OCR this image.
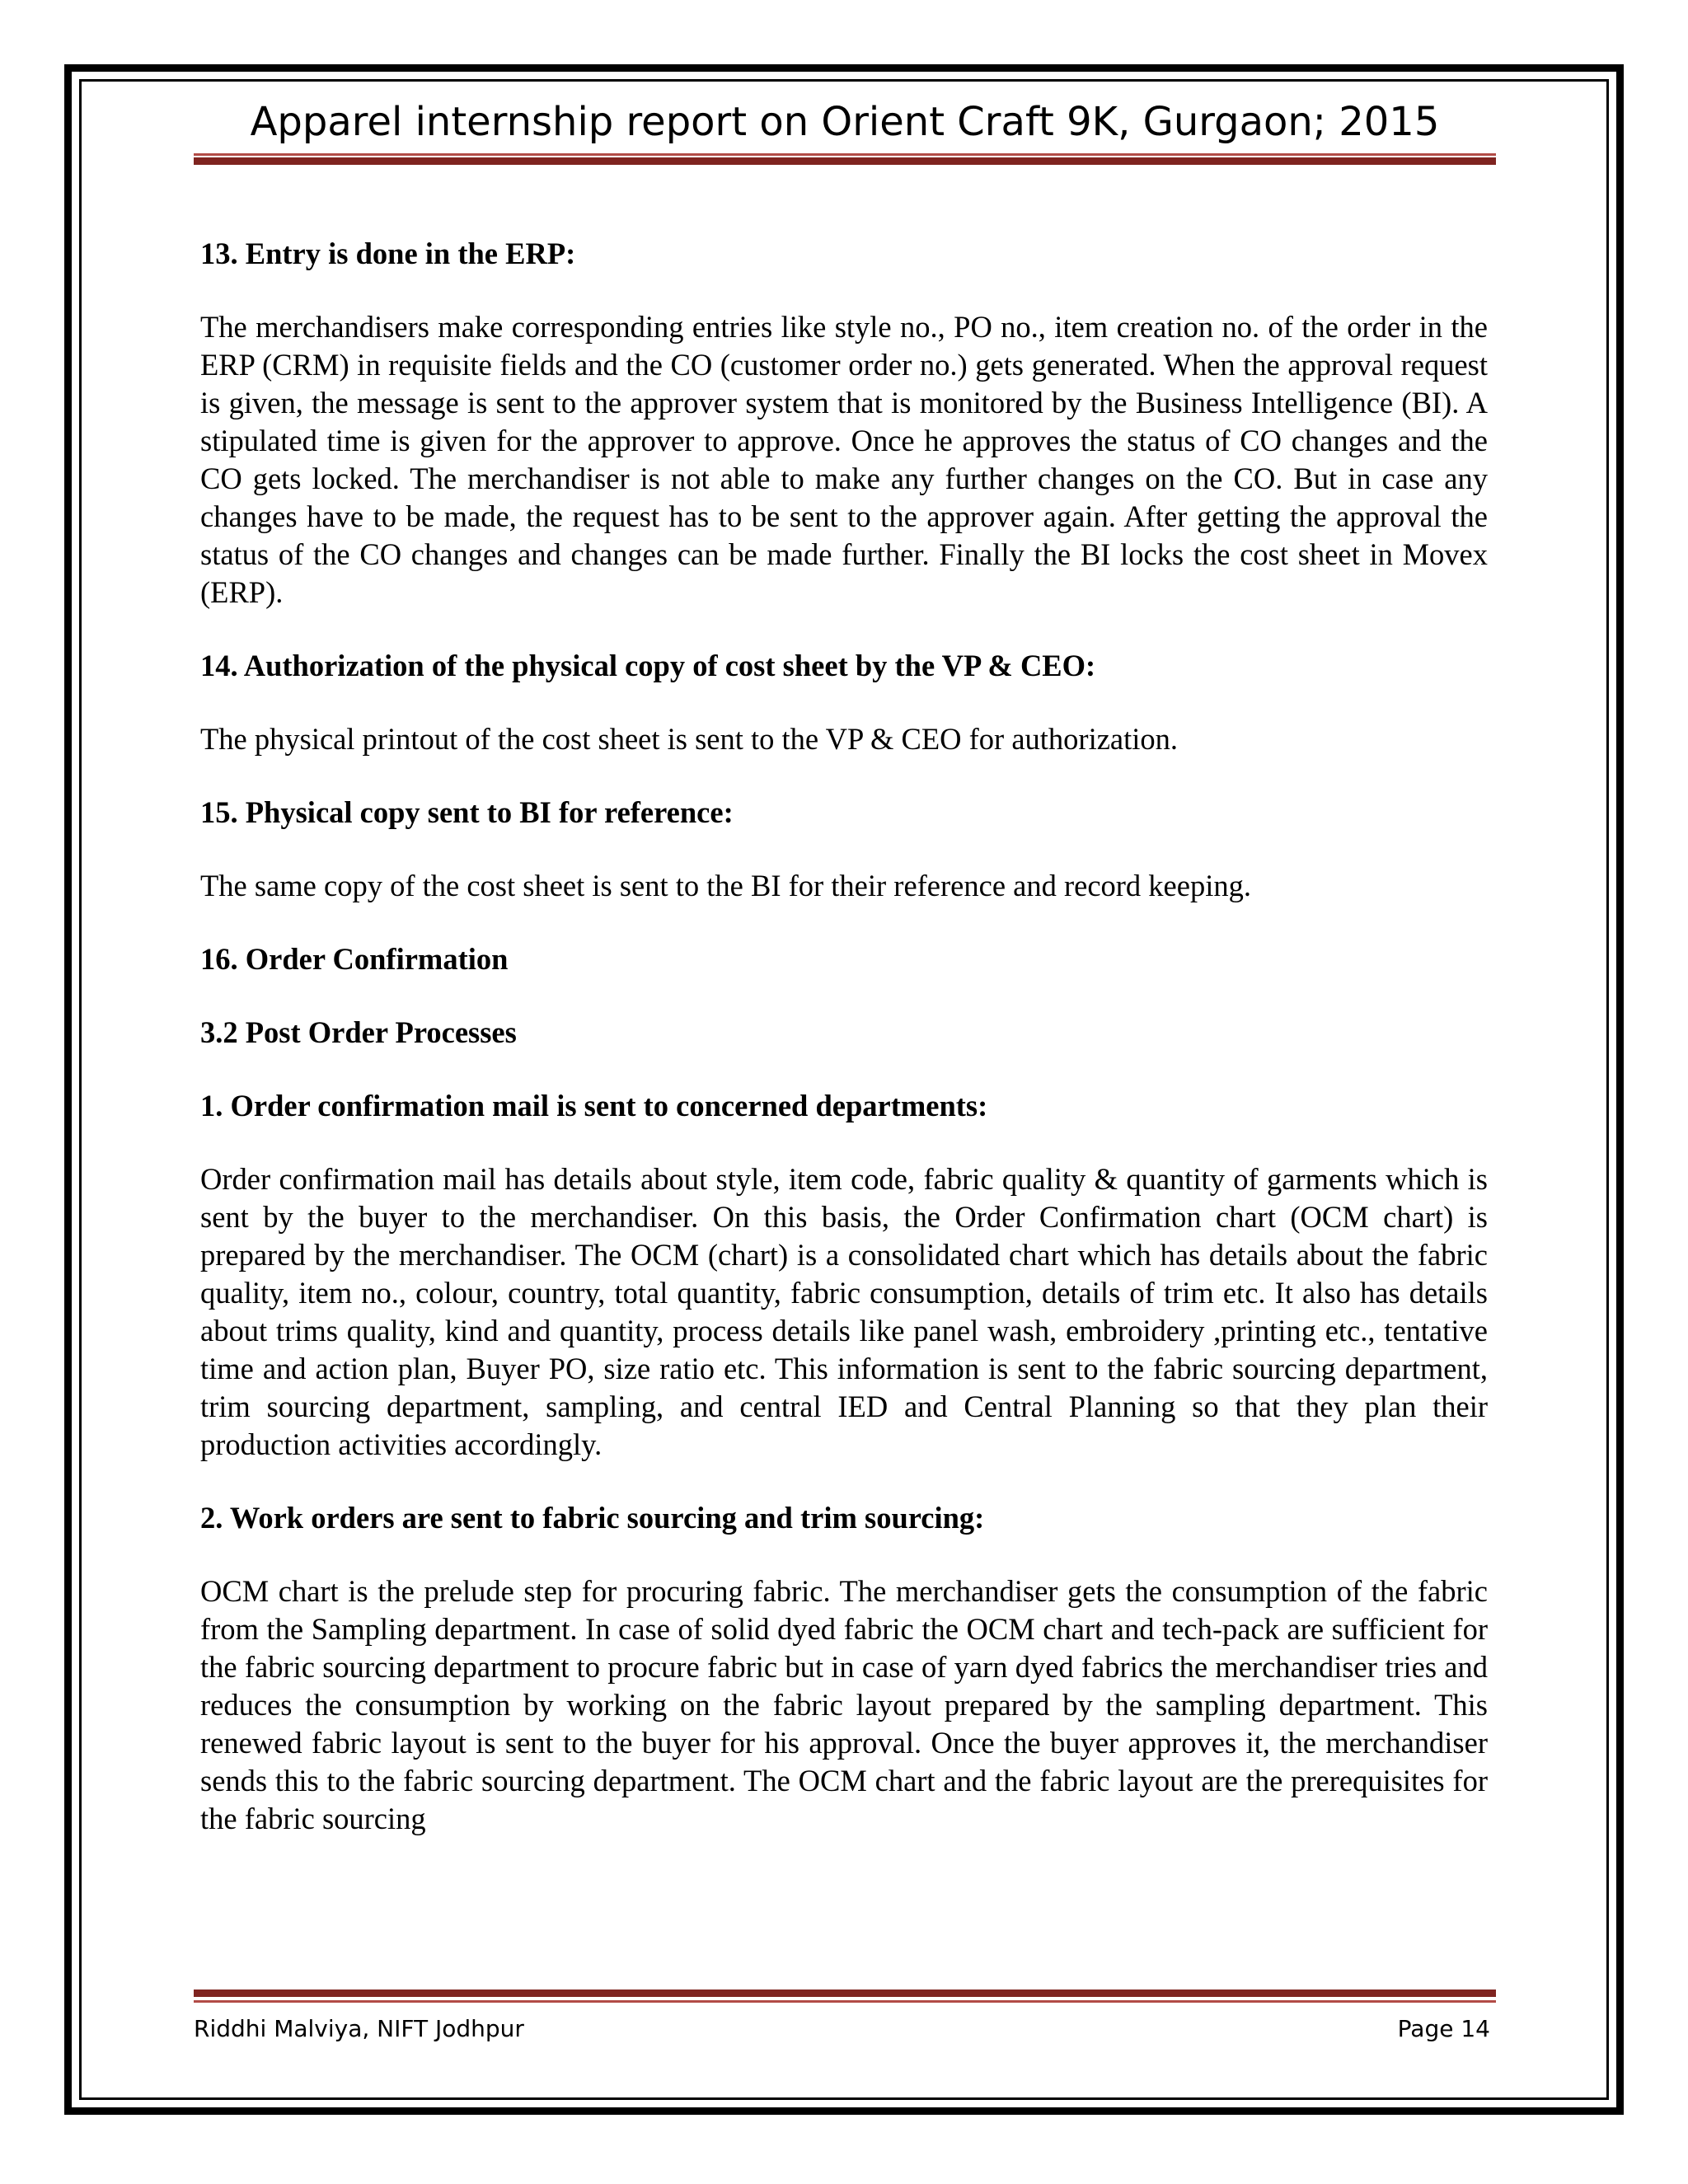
Apparel internship report on Orient Craft 9K, Gurgaon; 2015
13. Entry is done in the ERP:

The merchandisers make corresponding entries like style no., PO no., item creation no. of the order in the ERP (CRM) in requisite fields and the CO (customer order no.) gets generated. When the approval request is given, the message is sent to the approver system that is monitored by the Business Intelligence (BI). A stipulated time is given for the approver to approve. Once he approves the status of CO changes and the CO gets locked. The merchandiser is not able to make any further changes on the CO. But in case any changes have to be made, the request has to be sent to the approver again. After getting the approval the status of the CO changes and changes can be made further. Finally the BI locks the cost sheet in Movex (ERP).

14. Authorization of the physical copy of cost sheet by the VP & CEO:

The physical printout of the cost sheet is sent to the VP & CEO for authorization.

15. Physical copy sent to BI for reference:

The same copy of the cost sheet is sent to the BI for their reference and record keeping.

16. Order Confirmation
3.2 Post Order Processes
1. Order confirmation mail is sent to concerned departments:

Order confirmation mail has details about style, item code, fabric quality & quantity of garments which is sent by the buyer to the merchandiser. On this basis, the Order Confirmation chart (OCM chart) is prepared by the merchandiser. The OCM (chart) is a consolidated chart which has details about the fabric quality, item no., colour, country, total quantity, fabric consumption, details of trim etc. It also has details about trims quality, kind and quantity, process details like panel wash, embroidery ,printing etc., tentative time and action plan, Buyer PO, size ratio etc. This information is sent to the fabric sourcing department, trim sourcing department, sampling, and central IED and Central Planning so that they plan their production activities accordingly.

2. Work orders are sent to fabric sourcing and trim sourcing:

OCM chart is the prelude step for procuring fabric. The merchandiser gets the consumption of the fabric from the Sampling department. In case of solid dyed fabric the OCM chart and tech-pack are sufficient for the fabric sourcing department to procure fabric but in case of yarn dyed fabrics the merchandiser tries and reduces the consumption by working on the fabric layout prepared by the sampling department. This renewed fabric layout is sent to the buyer for his approval. Once the buyer approves it, the merchandiser sends this to the fabric sourcing department. The OCM chart and the fabric layout are the prerequisites for the fabric sourcing

Riddhi Malviya, NIFT Jodhpur	Page 14
